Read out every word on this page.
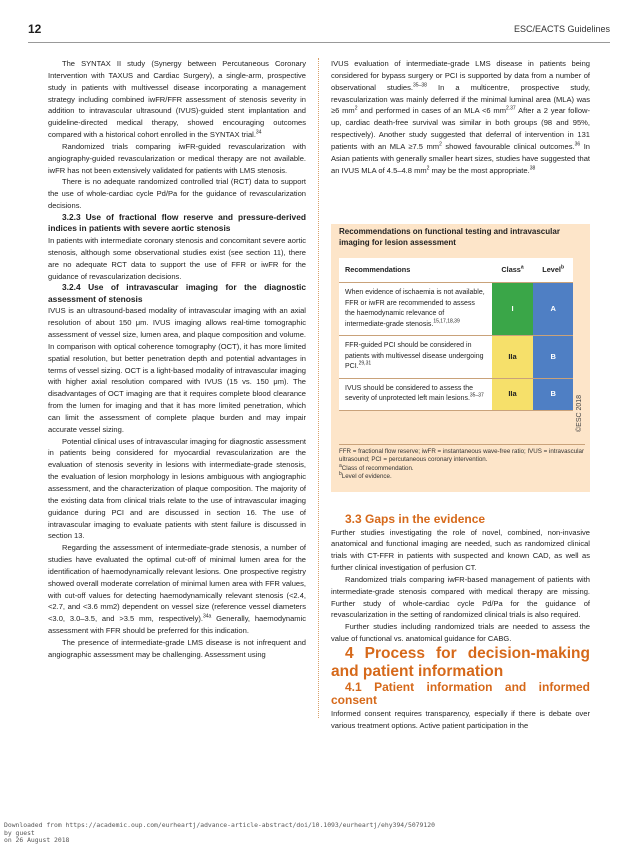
12	ESC/EACTS Guidelines

The SYNTAX II study (Synergy between Percutaneous Coronary Intervention with TAXUS and Cardiac Surgery), a single-arm, prospective study in patients with multivessel disease incorporating a management strategy including combined iwFR/FFR assessment of stenosis severity in addition to intravascular ultrasound (IVUS)-guided stent implantation and guideline-directed medical therapy, showed encouraging outcomes compared with a historical cohort enrolled in the SYNTAX trial.$^{34}$

Randomized trials comparing iwFR-guided revascularization with angiography-guided revascularization or medical therapy are not available. iwFR has not been extensively validated for patients with LMS stenosis.

There is no adequate randomized controlled trial (RCT) data to support the use of whole-cardiac cycle Pd/Pa for the guidance of revascularization decisions.

3.2.3 Use of fractional flow reserve and pressure-derived indices in patients with severe aortic stenosis

In patients with intermediate coronary stenosis and concomitant severe aortic stenosis, although some observational studies exist (see section 11), there are no adequate RCT data to support the use of FFR or iwFR for the guidance of revascularization decisions.

3.2.4 Use of intravascular imaging for the diagnostic assessment of stenosis

IVUS is an ultrasound-based modality of intravascular imaging with an axial resolution of about 150 μm. IVUS imaging allows real-time tomographic assessment of vessel size, lumen area, and plaque composition and volume. In comparison with optical coherence tomography (OCT), it has more limited spatial resolution, but better penetration depth and potential advantages in terms of vessel sizing. OCT is a light-based modality of intravascular imaging with higher axial resolution compared with IVUS (15 vs. 150 μm). The disadvantages of OCT imaging are that it requires complete blood clearance from the lumen for imaging and that it has more limited penetration, which can limit the assessment of complete plaque burden and may impair accurate vessel sizing.

Potential clinical uses of intravascular imaging for diagnostic assessment in patients being considered for myocardial revascularization are the evaluation of stenosis severity in lesions with intermediate-grade stenosis, the evaluation of lesion morphology in lesions ambiguous with angiographic assessment, and the characterization of plaque composition. The majority of the existing data from clinical trials relate to the use of intravascular imaging guidance during PCI and are discussed in section 16. The use of intravascular imaging to evaluate patients with stent failure is discussed in section 13.

Regarding the assessment of intermediate-grade stenosis, a number of studies have evaluated the optimal cut-off of minimal lumen area for the identification of haemodynamically relevant lesions. One prospective registry showed overall moderate correlation of minimal lumen area with FFR values, with cut-off values for detecting haemodynamically relevant stenosis (<2.4, <2.7, and <3.6 mm2) dependent on vessel size (reference vessel diameters <3.0, 3.0–3.5, and >3.5 mm, respectively).$^{34a}$ Generally, haemodynamic assessment with FFR should be preferred for this indication.

The presence of intermediate-grade LMS disease is not infrequent and angiographic assessment may be challenging. Assessment using

IVUS evaluation of intermediate-grade LMS disease in patients being considered for bypass surgery or PCI is supported by data from a number of observational studies.$^{35-38}$ In a multicentre, prospective study, revascularization was mainly deferred if the minimal luminal area (MLA) was ≥6 $mm^2$ and performed in cases of an MLA <6 $mm^{2.37}$ After a 2 year follow-up, cardiac death-free survival was similar in both groups (98 and 95%, respectively). Another study suggested that deferral of intervention in 131 patients with an MLA ≥7.5 $mm^2$ showed favourable clinical outcomes.$^{36}$ In Asian patients with generally smaller heart sizes, studies have suggested that an IVUS MLA of 4.5–4.8 $mm^2$ may be the most appropriate.$^{38}$

Recommendations on functional testing and intravascular imaging for lesion assessment
Recommendations	Class$^a$	Level$^b$
When evidence of ischaemia is not available, FFR or iwFR are recommended to assess the haemodynamic relevance of intermediate-grade stenosis.$^{15,17,18,39}$	I	A
FFR-guided PCI should be considered in patients with multivessel disease undergoing PCI.$^{29,31}$	IIa	B
IVUS should be considered to assess the severity of unprotected left main lesions.$^{35-37}$	IIa	B
©ESC 2018
FFR = fractional flow reserve; iwFR = instantaneous wave-free ratio; IVUS = intravascular ultrasound; PCI = percutaneous coronary intervention.
$^a$Class of recommendation.
$^b$Level of evidence.

3.3 Gaps in the evidence

Further studies investigating the role of novel, combined, non-invasive anatomical and functional imaging are needed, such as randomized clinical trials with CT-FFR in patients with suspected and known CAD, as well as further clinical investigation of perfusion CT.

Randomized trials comparing iwFR-based management of patients with intermediate-grade stenosis compared with medical therapy are missing. Further study of whole-cardiac cycle Pd/Pa for the guidance of revascularization in the setting of randomized clinical trials is also required.

Further studies including randomized trials are needed to assess the value of functional vs. anatomical guidance for CABG.

4 Process for decision-making and patient information

4.1 Patient information and informed consent

Informed consent requires transparency, especially if there is debate over various treatment options. Active patient participation in the

Downloaded from https://academic.oup.com/eurheartj/advance-article-abstract/doi/10.1093/eurheartj/ehy394/5079120
by guest
on 26 August 2018
